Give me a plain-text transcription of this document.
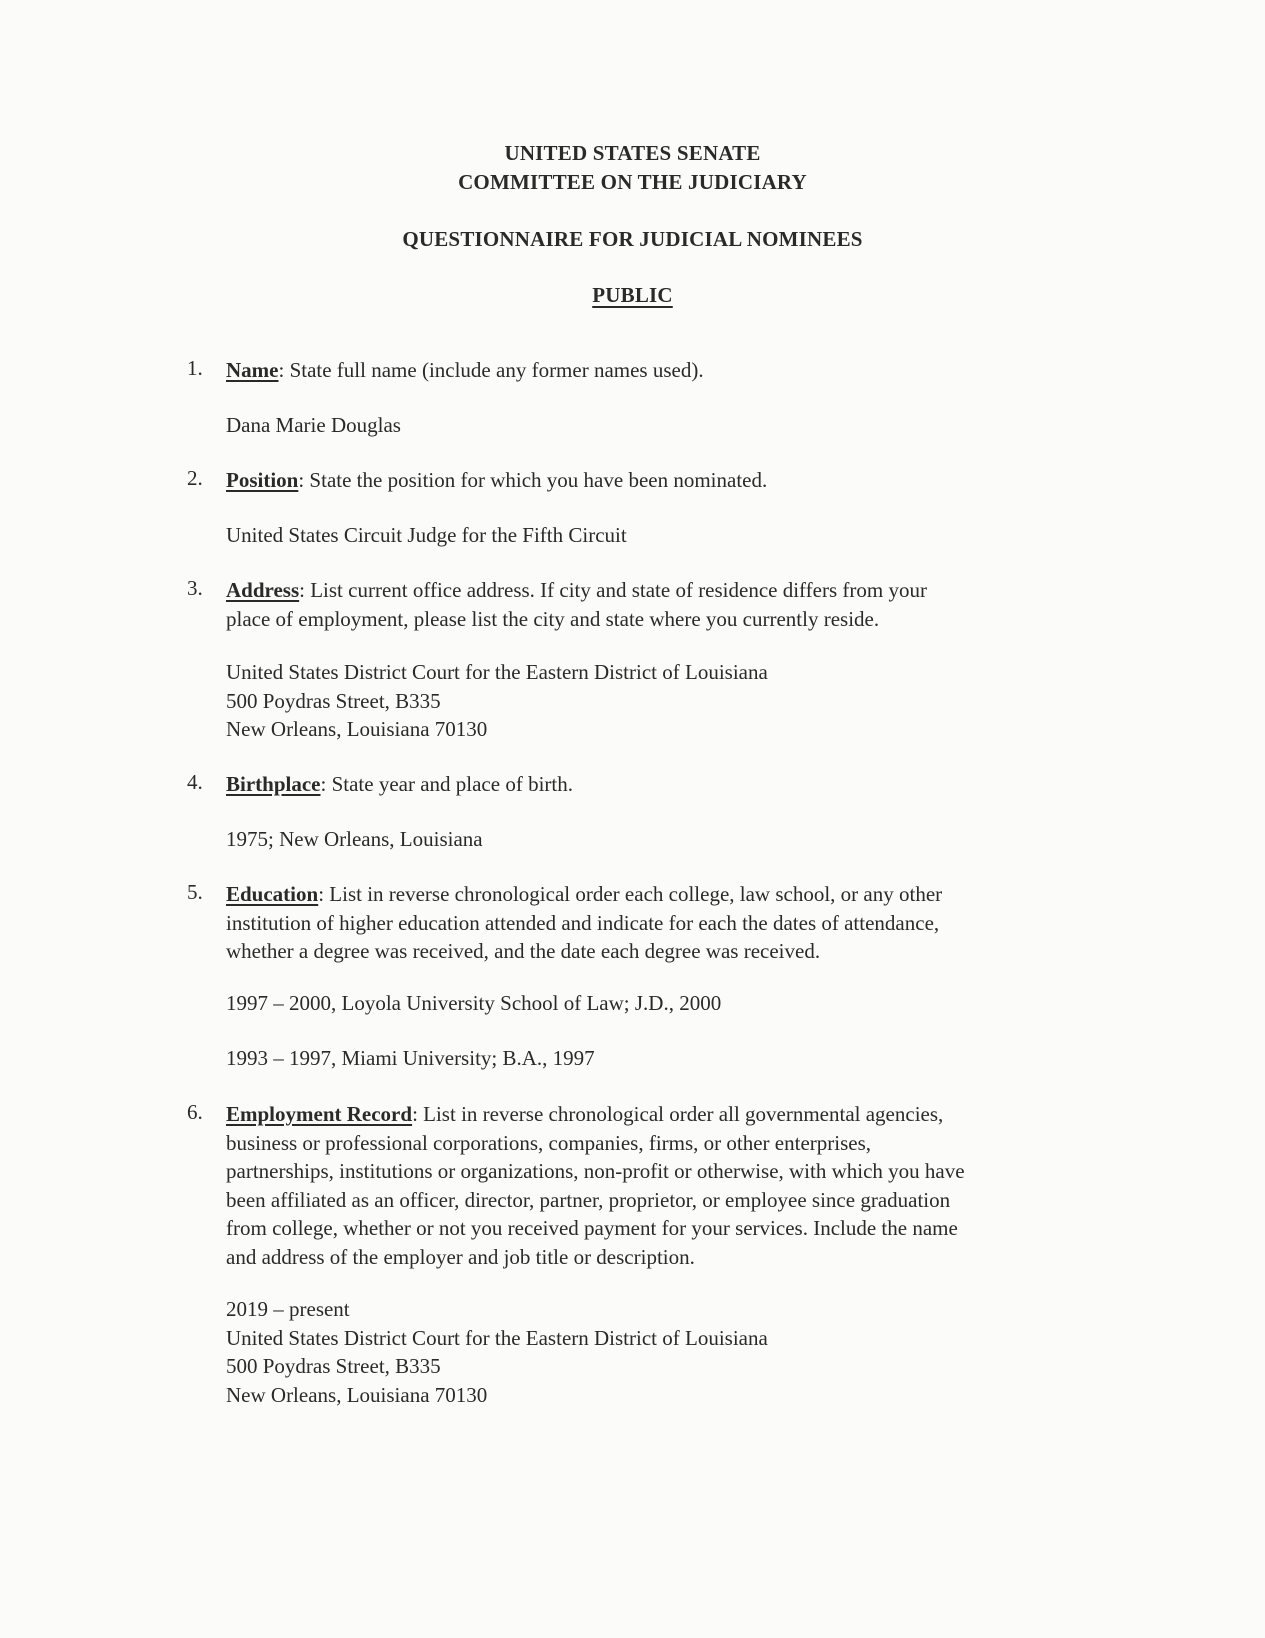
UNITED STATES SENATE
COMMITTEE ON THE JUDICIARY
QUESTIONNAIRE FOR JUDICIAL NOMINEES
PUBLIC
1. Name: State full name (include any former names used).

Dana Marie Douglas

2. Position: State the position for which you have been nominated.

United States Circuit Judge for the Fifth Circuit

3. Address: List current office address. If city and state of residence differs from your

place of employment, please list the city and state where you currently reside.

United States District Court for the Eastern District of Louisiana

500 Poydras Street, B335

New Orleans, Louisiana 70130

4. Birthplace: State year and place of birth.

1975; New Orleans, Louisiana

5. Education: List in reverse chronological order each college, law school, or any other

institution of higher education attended and indicate for each the dates of attendance,

whether a degree was received, and the date each degree was received.

1997 – 2000, Loyola University School of Law; J.D., 2000

1993 – 1997, Miami University; B.A., 1997

6. Employment Record: List in reverse chronological order all governmental agencies,

business or professional corporations, companies, firms, or other enterprises,

partnerships, institutions or organizations, non-profit or otherwise, with which you have

been affiliated as an officer, director, partner, proprietor, or employee since graduation

from college, whether or not you received payment for your services. Include the name

and address of the employer and job title or description.

2019 – present

United States District Court for the Eastern District of Louisiana

500 Poydras Street, B335

New Orleans, Louisiana 70130
